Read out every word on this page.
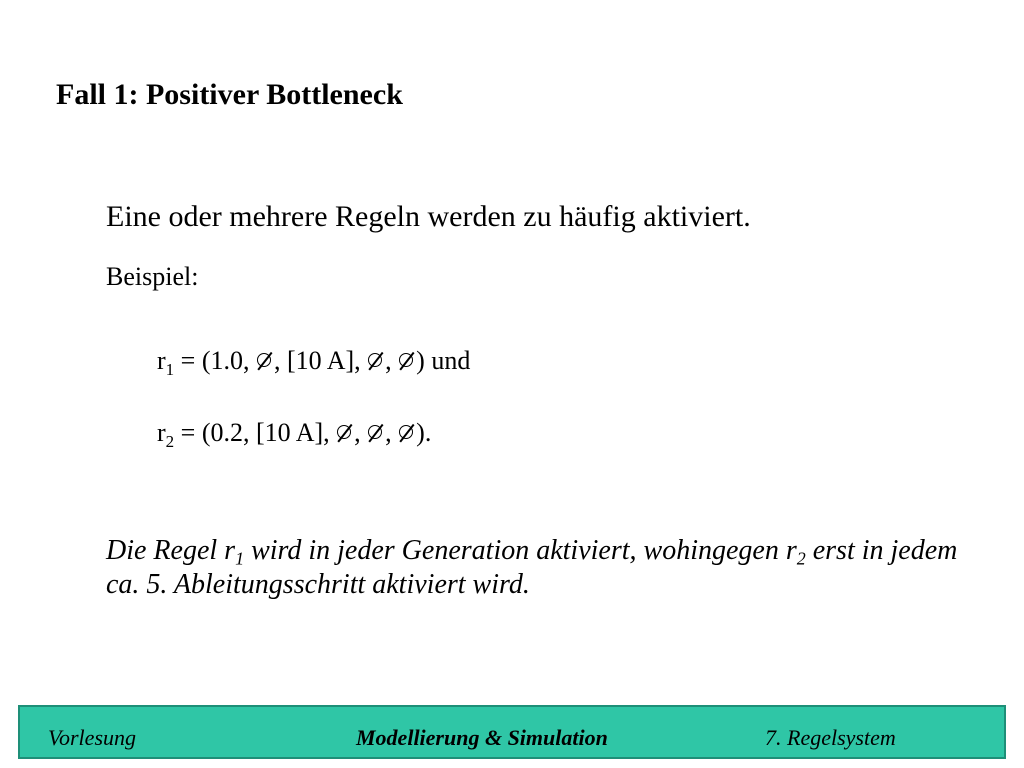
Fall 1: Positiver Bottleneck
Eine oder mehrere Regeln werden zu häufig aktiviert.
Beispiel:
$r_1 = (1.0$, , [10 A], , ) und
$r_2 = (0.2$, [10 A], , , ).
Die Regel $r_1$ wird in jeder Generation aktiviert, wohingegen $r_2$ erst in jedem ca. 5. Ableitungsschritt aktiviert wird.
Vorlesung	Modellierung & Simulation	7. Regelsystem
